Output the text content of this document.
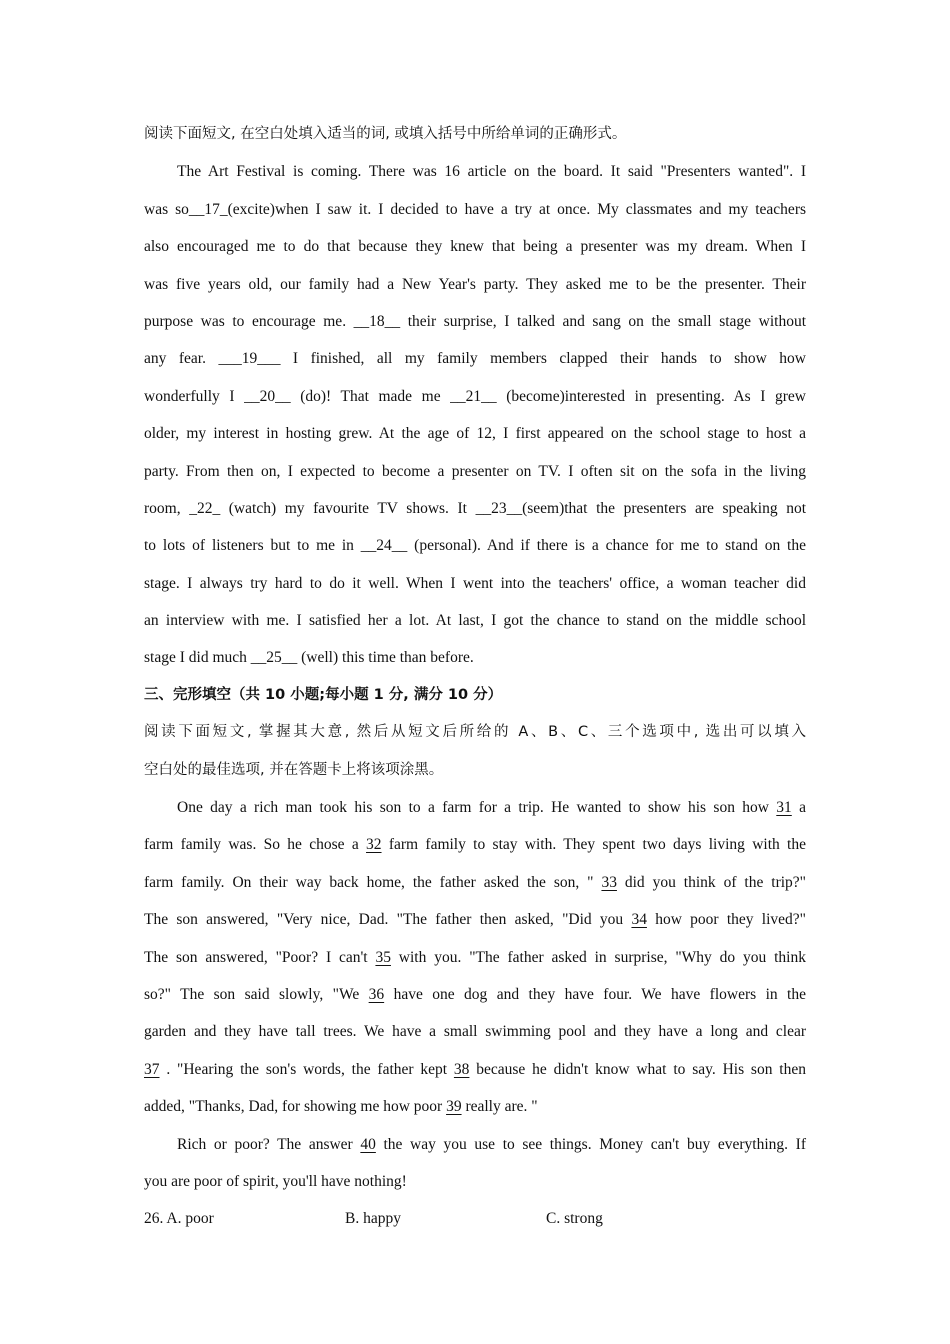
阅读下面短文, 在空白处填入适当的词, 或填入括号中所给单词的正确形式。
The Art Festival is coming. There was 16 article on the board. It said "Presenters wanted". I
was so__17_(excite)when I saw it. I decided to have a try at once. My classmates and my teachers
also encouraged me to do that because they knew that being a presenter was my dream. When I
was five years old, our family had a New Year's party. They asked me to be the presenter. Their
purpose was to encourage me. __18__ their surprise, I talked and sang on the small stage without
any fear. ___19___ I finished, all my family members clapped their hands to show how
wonderfully I __20__ (do)! That made me __21__ (become)interested in presenting. As I grew
older, my interest in hosting grew. At the age of 12, I first appeared on the school stage to host a
party. From then on, I expected to become a presenter on TV. I often sit on the sofa in the living
room, _22_ (watch) my favourite TV shows. It __23__(seem)that the presenters are speaking not
to lots of listeners but to me in __24__ (personal). And if there is a chance for me to stand on the
stage. I always try hard to do it well. When I went into the teachers' office, a woman teacher did
an interview with me. I satisfied her a lot. At last, I got the chance to stand on the middle school
stage I did much __25__ (well) this time than before.
三、完形填空（共 10 小题;每小题 1 分, 满分 10 分）
阅读下面短文, 掌握其大意, 然后从短文后所给的 A、B、C、三个选项中, 选出可以填入
空白处的最佳选项, 并在答题卡上将该项涂黑。
One day a rich man took his son to a farm for a trip. He wanted to show his son how 31 a
farm family was. So he chose a 32 farm family to stay with. They spent two days living with the
farm family. On their way back home, the father asked the son, " 33 did you think of the trip?"
The son answered, "Very nice, Dad. "The father then asked, "Did you 34 how poor they lived?"
The son answered, "Poor? I can't 35 with you. "The father asked in surprise, "Why do you think
so?" The son said slowly, "We 36 have one dog and they have four. We have flowers in the
garden and they have tall trees. We have a small swimming pool and they have a long and clear
37 . "Hearing the son's words, the father kept 38 because he didn't know what to say. His son then
added, "Thanks, Dad, for showing me how poor 39 really are. "
Rich or poor? The answer 40 the way you use to see things. Money can't buy everything. If
you are poor of spirit, you'll have nothing!
26. A. poor	B. happy	C. strong
